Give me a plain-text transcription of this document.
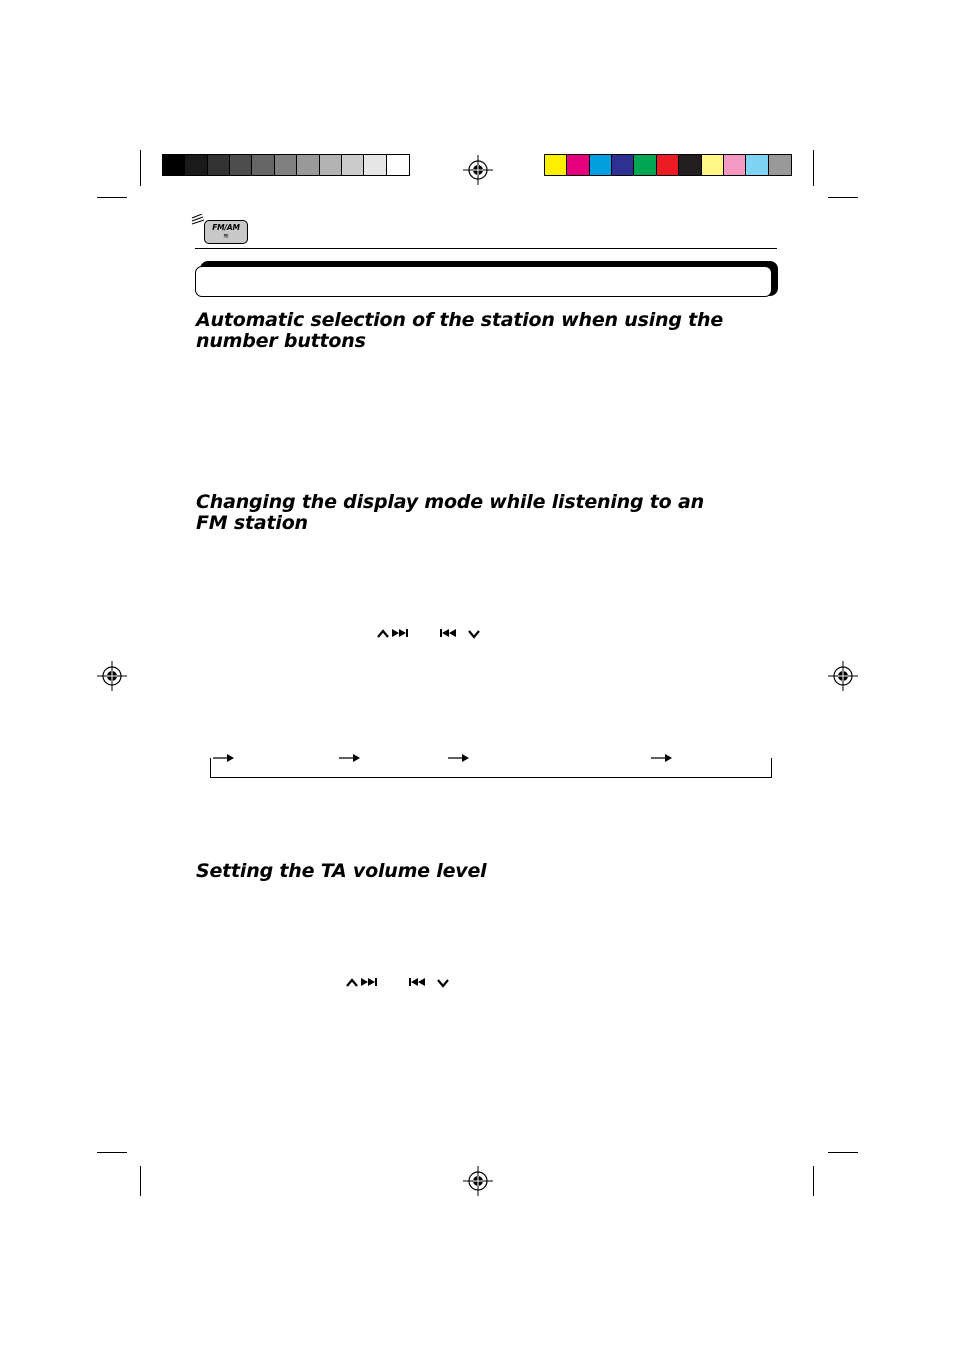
FM/AM
≋
Automatic selection of the station when using the number buttons
Changing the display mode while listening to an FM station
Setting the TA volume level
